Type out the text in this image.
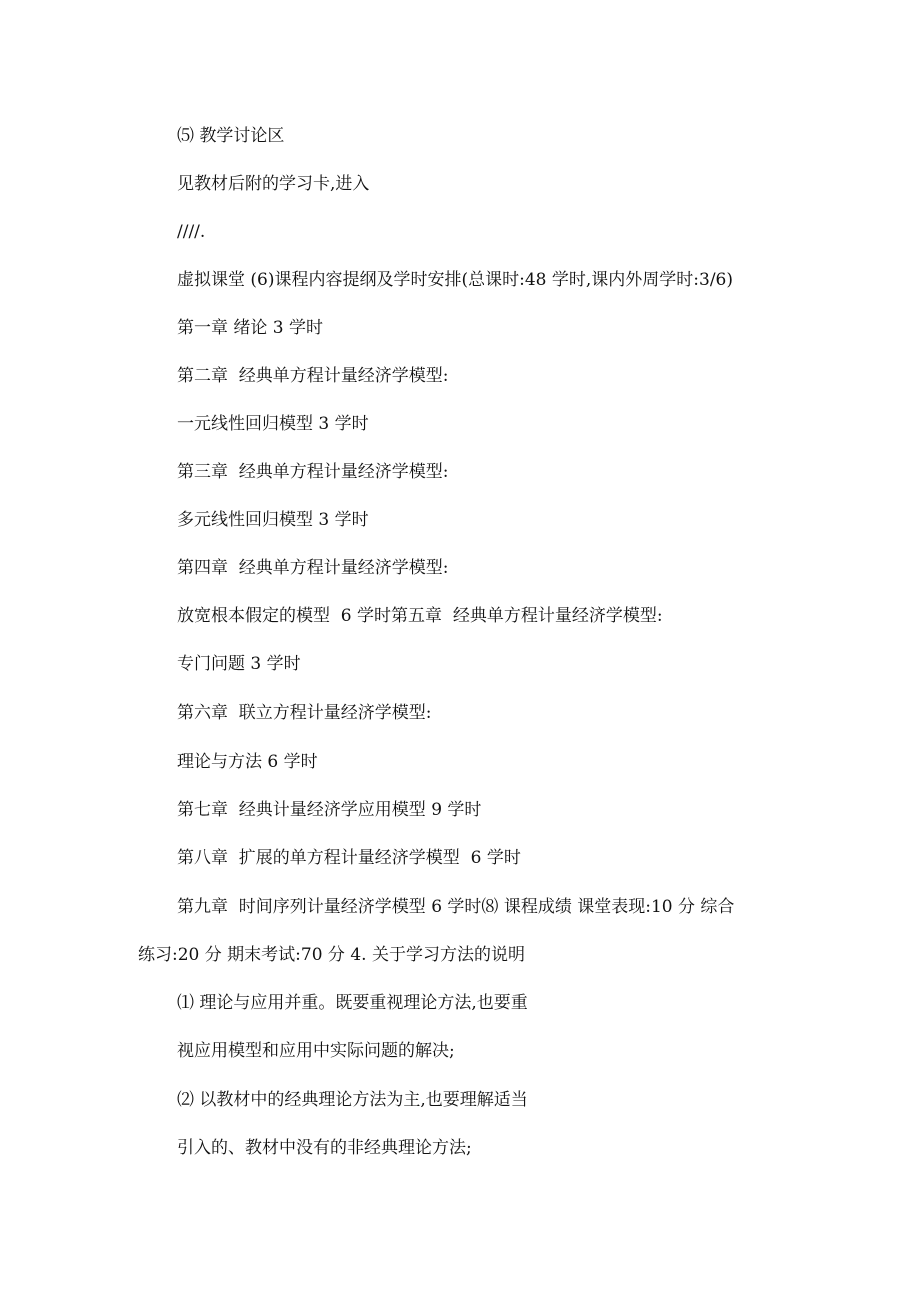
⑸ 教学讨论区
见教材后附的学习卡,进入
////.
虚拟课堂 (6)课程内容提纲及学时安排(总课时:48 学时,课内外周学时:3/6)
第一章 绪论 3 学时
第二章  经典单方程计量经济学模型:
一元线性回归模型 3 学时
第三章  经典单方程计量经济学模型:
多元线性回归模型 3 学时
第四章  经典单方程计量经济学模型:
放宽根本假定的模型  6 学时第五章  经典单方程计量经济学模型:
专门问题 3 学时
第六章  联立方程计量经济学模型:
理论与方法 6 学时
第七章  经典计量经济学应用模型 9 学时
第八章  扩展的单方程计量经济学模型  6 学时
第九章  时间序列计量经济学模型 6 学时⑻ 课程成绩 课堂表现:10 分 综合
练习:20 分 期末考试:70 分 4. 关于学习方法的说明
⑴ 理论与应用并重。既要重视理论方法,也要重
视应用模型和应用中实际问题的解决;
⑵ 以教材中的经典理论方法为主,也要理解适当
引入的、教材中没有的非经典理论方法;
